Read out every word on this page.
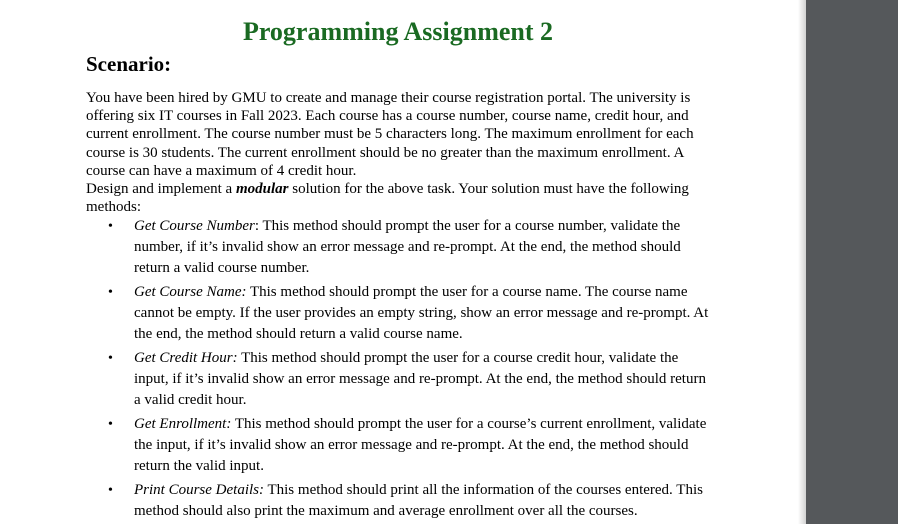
Programming Assignment 2
Scenario:

You have been hired by GMU to create and manage their course registration portal. The university is offering six IT courses in Fall 2023. Each course has a course number, course name, credit hour, and current enrollment. The course number must be 5 characters long. The maximum enrollment for each course is 30 students. The current enrollment should be no greater than the maximum enrollment. A course can have a maximum of 4 credit hour.

Design and implement a modular solution for the above task. Your solution must have the following methods:

• Get Course Number: This method should prompt the user for a course number, validate the number, if it’s invalid show an error message and re-prompt. At the end, the method should return a valid course number.
• Get Course Name: This method should prompt the user for a course name. The course name cannot be empty. If the user provides an empty string, show an error message and re-prompt. At the end, the method should return a valid course name.
• Get Credit Hour: This method should prompt the user for a course credit hour, validate the input, if it’s invalid show an error message and re-prompt. At the end, the method should return a valid credit hour.
• Get Enrollment: This method should prompt the user for a course’s current enrollment, validate the input, if it’s invalid show an error message and re-prompt. At the end, the method should return the valid input.
• Print Course Details: This method should print all the information of the courses entered. This method should also print the maximum and average enrollment over all the courses.
